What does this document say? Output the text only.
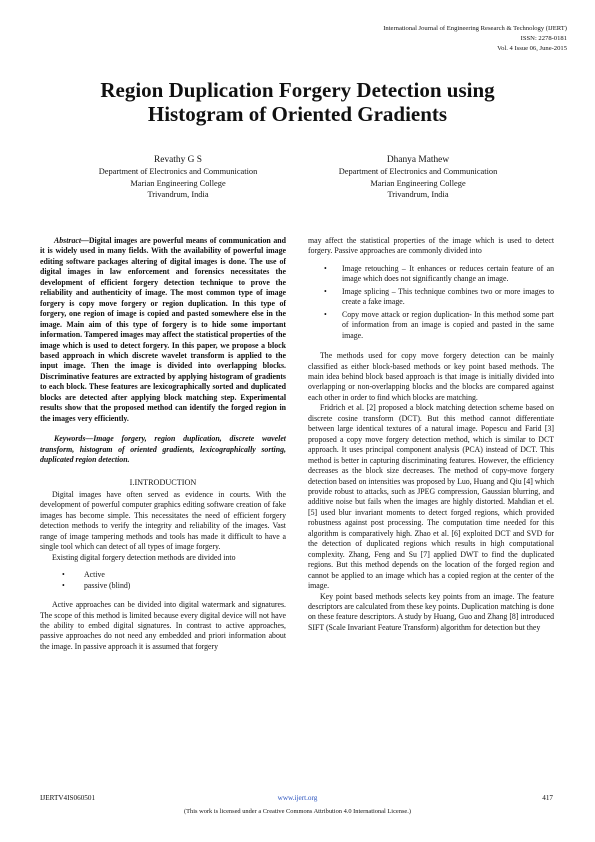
International Journal of Engineering Research & Technology (IJERT)
ISSN: 2278-0181
Vol. 4 Issue 06, June-2015
Region Duplication Forgery Detection using
Histogram of Oriented Gradients
Revathy G S
Department of Electronics and Communication
Marian Engineering College
Trivandrum, India
Dhanya Mathew
Department of Electronics and Communication
Marian Engineering College
Trivandrum, India

Abstract—Digital images are powerful means of communication and it is widely used in many fields. With the availability of powerful image editing software packages altering of digital images is done. The use of digital images in law enforcement and forensics necessitates the development of efficient forgery detection technique to prove the reliability and authenticity of image. The most common type of image forgery is copy move forgery or region duplication. In this type of forgery, one region of image is copied and pasted somewhere else in the image. Main aim of this type of forgery is to hide some important information. Tampered images may affect the statistical properties of the image which is used to detect forgery. In this paper, we propose a block based approach in which discrete wavelet transform is applied to the input image. Then the image is divided into overlapping blocks. Discriminative features are extracted by applying histogram of gradients to each block. These features are lexicographically sorted and duplicated blocks are detected after applying block matching step. Experimental results show that the proposed method can identify the forged region in the images very efficiently.

Keywords—Image forgery, region duplication, discrete wavelet transform, histogram of oriented gradients, lexicographically sorting, duplicated region detection.

I.INTRODUCTION

Digital images have often served as evidence in courts. With the development of powerful computer graphics editing software creation of fake images has become simple. This necessitates the need of efficient forgery detection methods to verify the integrity and reliability of the images. Vast range of image tampering methods and tools has made it difficult to have a single tool which can detect of all types of image forgery.

Existing digital forgery detection methods are divided into

• Active
• passive (blind)

Active approaches can be divided into digital watermark and signatures. The scope of this method is limited because every digital device will not have the ability to embed digital signatures. In contrast to active approaches, passive approaches do not need any embedded and priori information about the image. In passive approach it is assumed that forgery

may affect the statistical properties of the image which is used to detect forgery. Passive approaches are commonly divided into

• Image retouching – It enhances or reduces certain feature of an image which does not significantly change an image.
• Image splicing – This technique combines two or more images to create a fake image.
• Copy move attack or region duplication- In this method some part of information from an image is copied and pasted in the same image.

The methods used for copy move forgery detection can be mainly classified as either block-based methods or key point based methods. The main idea behind block based approach is that image is initially divided into overlapping or non-overlapping blocks and the blocks are compared against each other in order to find which blocks are matching.

Fridrich et al. [2] proposed a block matching detection scheme based on discrete cosine transform (DCT). But this method cannot differentiate between large identical textures of a natural image. Popescu and Farid [3] proposed a copy move forgery detection method, which is similar to DCT approach. It uses principal component analysis (PCA) instead of DCT. This method is better in capturing discriminating features. However, the efficiency decreases as the block size decreases. The method of copy-move forgery detection based on intensities was proposed by Luo, Huang and Qiu [4] which provide robust to attacks, such as JPEG compression, Gaussian blurring, and additive noise but fails when the images are highly distorted. Mahdian et el. [5] used blur invariant moments to detect forged regions, which provided robustness against post processing. The computation time needed for this algorithm is comparatively high. Zhao et al. [6] exploited DCT and SVD for the detection of duplicated regions which results in high computational complexity. Zhang, Feng and Su [7] applied DWT to find the duplicated regions. But this method depends on the location of the forged region and cannot be applied to an image which has a copied region at the center of the image.

Key point based methods selects key points from an image. The feature descriptors are calculated from these key points. Duplication matching is done on these feature descriptors. A study by Huang, Guo and Zhang [8] introduced SIFT (Scale Invariant Feature Transform) algorithm for detection but they

IJERTV4IS060501	www.ijert.org	417
(This work is licensed under a Creative Commons Attribution 4.0 International License.)
